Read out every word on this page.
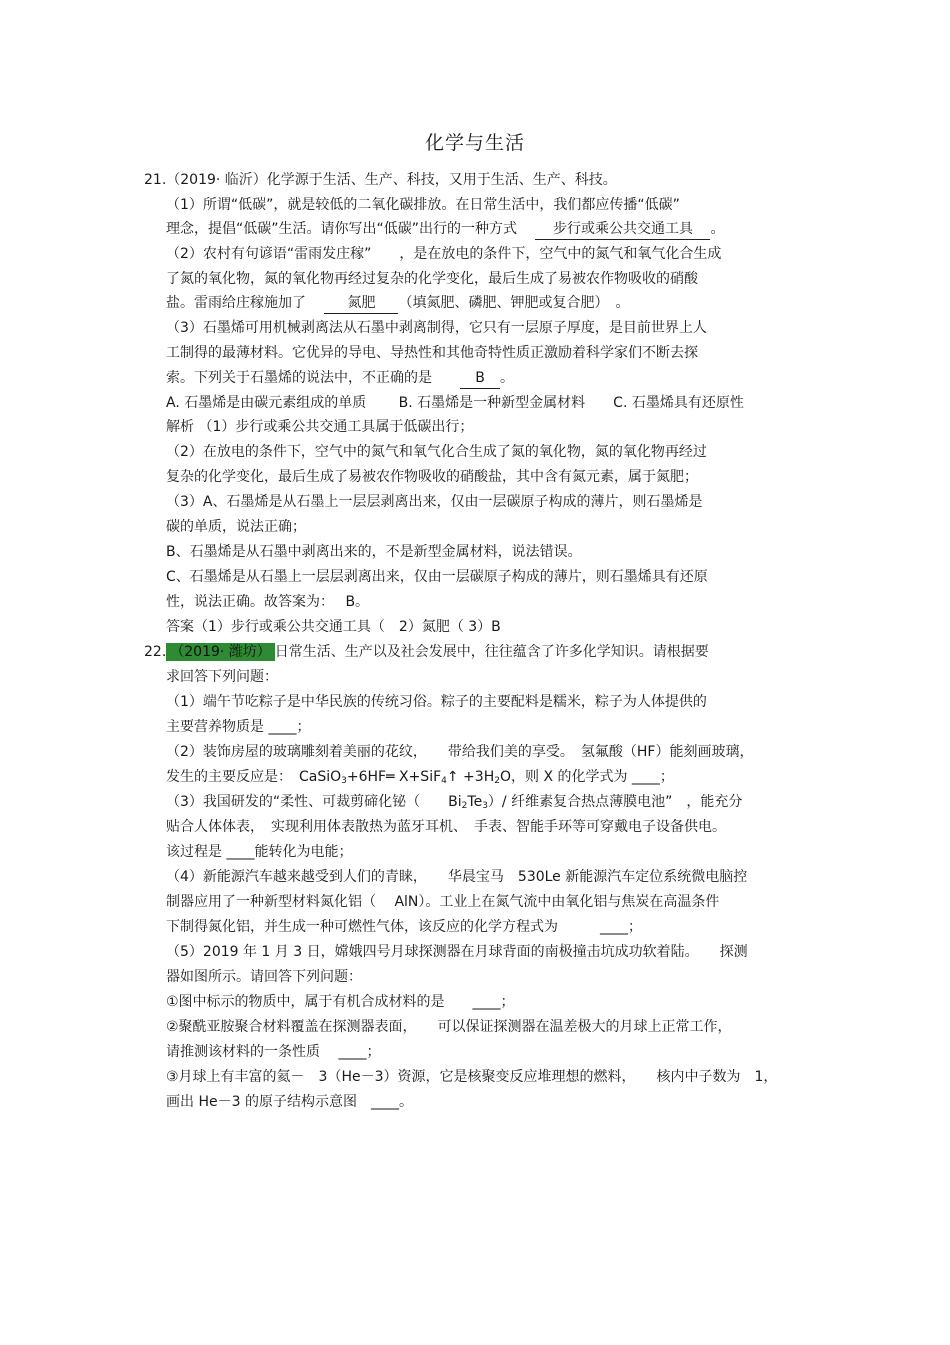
化学与生活
21.（2019· 临沂）化学源于生活、生产、科技，又用于生活、生产、科技。
（1）所谓“低碳”，就是较低的二氧化碳排放。在日常生活中，我们都应传播“低碳”
理念，提倡“低碳”生活。请你写出“低碳”出行的一种方式　	步行或乘公共交通工具 。
（2）农村有句谚语“雷雨发庄稼”　　，是在放电的条件下，空气中的氮气和氧气化合生成
了氮的氧化物，氮的氧化物再经过复杂的化学变化，最后生成了易被农作物吸收的硝酸
盐。雷雨给庄稼施加了　	氮肥 （填氮肥、磷肥、钾肥或复合肥）　。
（3）石墨烯可用机械剥离法从石墨中剥离制得，它只有一层原子厚度，是目前世界上人
工制得的最薄材料。它优异的导电、导热性和其他奇特性质正激励着科学家们不断去探
索。下列关于石墨烯的说法中，不正确的是　　	B 。
A. 石墨烯是由碳元素组成的单质　　 B. 石墨烯是一种新型金属材料　　C. 石墨烯具有还原性
解析 （1）步行或乘公共交通工具属于低碳出行；
（2）在放电的条件下，空气中的氮气和氧气化合生成了氮的氧化物，氮的氧化物再经过
复杂的化学变化，最后生成了易被农作物吸收的硝酸盐，其中含有氮元素，属于氮肥；
（3）A、石墨烯是从石墨上一层层剥离出来，仅由一层碳原子构成的薄片，则石墨烯是
碳的单质，说法正确；
B、石墨烯是从石墨中剥离出来的，不是新型金属材料，说法错误。
C、石墨烯是从石墨上一层层剥离出来，仅由一层碳原子构成的薄片，则石墨烯具有还原
性，说法正确。故答案为：　 B。
答案（1）步行或乘公共交通工具（　2）氮肥（ 3）B
22. （2019· 潍坊） 日常生活、生产以及社会发展中，往往蕴含了许多化学知识。请根据要
求回答下列问题：
（1）端午节吃粽子是中华民族的传统习俗。粽子的主要配料是糯米，粽子为人体提供的
主要营养物质是 ____；
（2）装饰房屋的玻璃雕刻着美丽的花纹，　　带给我们美的享受。　氢氟酸（HF）能刻画玻璃，
发生的主要反应是：　CaSiO$_3$+6HF═ X+SiF$_4$↑ $+3H_2O$，则 X 的化学式为 ____；
（3）我国研发的“柔性、可裁剪碲化铋（　　$Bi_2Te_3)/$ 纤维素复合热点薄膜电池”　，能充分
贴合人体体表，　实现利用体表散热为蓝牙耳机、　手表、智能手环等可穿戴电子设备供电。
该过程是 ____能转化为电能；
（4）新能源汽车越来越受到人们的青睐，　　华晨宝马　530Le 新能源汽车定位系统微电脑控
制器应用了一种新型材料氮化铝（　 AlN）。工业上在氮气流中由氧化铝与焦炭在高温条件
下制得氮化铝，并生成一种可燃性气体，该反应的化学方程式为　　　____；
（5）2019 年 1 月 3 日，嫦娥四号月球探测器在月球背面的南极撞击坑成功软着陆。　　探测
器如图所示。请回答下列问题：
①图中标示的物质中，属于有机合成材料的是　　____；
②聚酰亚胺聚合材料覆盖在探测器表面，　　可以保证探测器在温差极大的月球上正常工作，
请推测该材料的一条性质　 ____；
③月球上有丰富的氦－　3（He－3）资源，它是核聚变反应堆理想的燃料，　　核内中子数为　1，
画出 He－3 的原子结构示意图　____。
